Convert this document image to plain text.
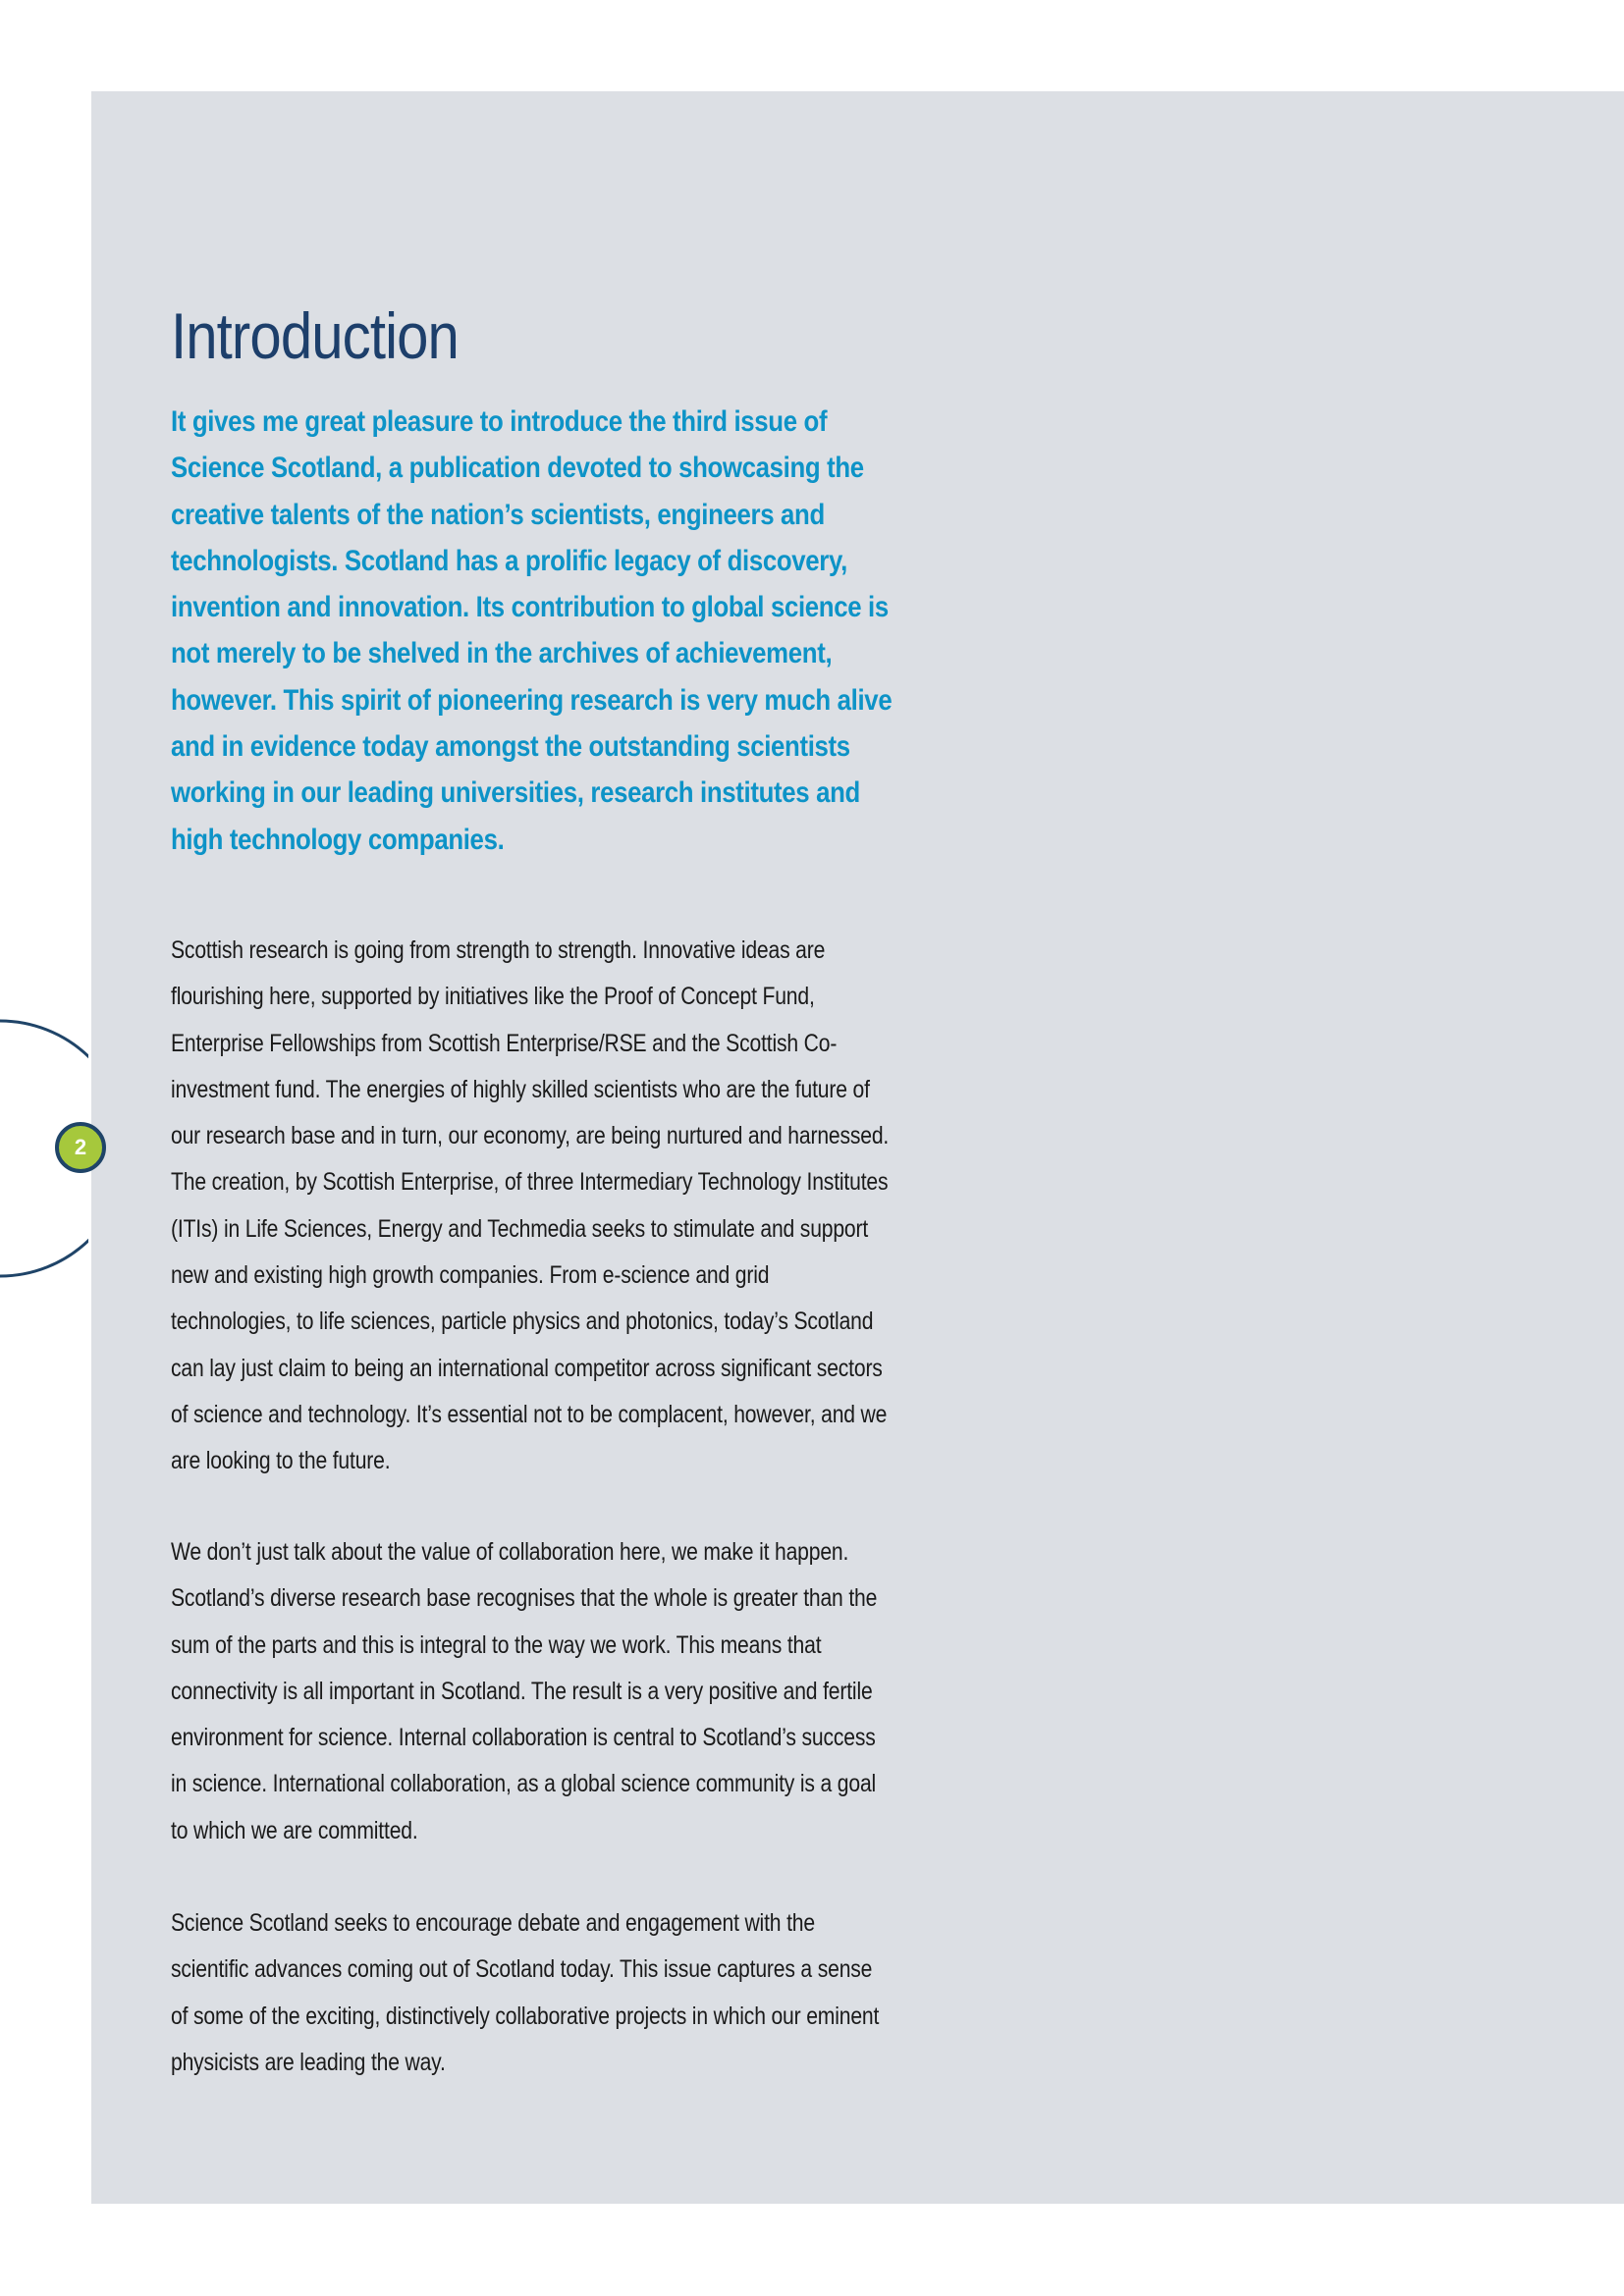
2
Introduction

It gives me great pleasure to introduce the third issue of Science Scotland, a publication devoted to showcasing the creative talents of the nation’s scientists, engineers and technologists. Scotland has a prolific legacy of discovery, invention and innovation. Its contribution to global science is not merely to be shelved in the archives of achievement, however. This spirit of pioneering research is very much alive and in evidence today amongst the outstanding scientists working in our leading universities, research institutes and high technology companies.

Scottish research is going from strength to strength. Innovative ideas are flourishing here, supported by initiatives like the Proof of Concept Fund, Enterprise Fellowships from Scottish Enterprise/RSE and the Scottish Co-investment fund. The energies of highly skilled scientists who are the future of our research base and in turn, our economy, are being nurtured and harnessed. The creation, by Scottish Enterprise, of three Intermediary Technology Institutes (ITIs) in Life Sciences, Energy and Techmedia seeks to stimulate and support new and existing high growth companies. From e-science and grid technologies, to life sciences, particle physics and photonics, today’s Scotland can lay just claim to being an international competitor across significant sectors of science and technology. It’s essential not to be complacent, however, and we are looking to the future.

We don’t just talk about the value of collaboration here, we make it happen. Scotland’s diverse research base recognises that the whole is greater than the sum of the parts and this is integral to the way we work. This means that connectivity is all important in Scotland. The result is a very positive and fertile environment for science. Internal collaboration is central to Scotland’s success in science. International collaboration, as a global science community is a goal to which we are committed.

Science Scotland seeks to encourage debate and engagement with the scientific advances coming out of Scotland today. This issue captures a sense of some of the exciting, distinctively collaborative projects in which our eminent physicists are leading the way.
